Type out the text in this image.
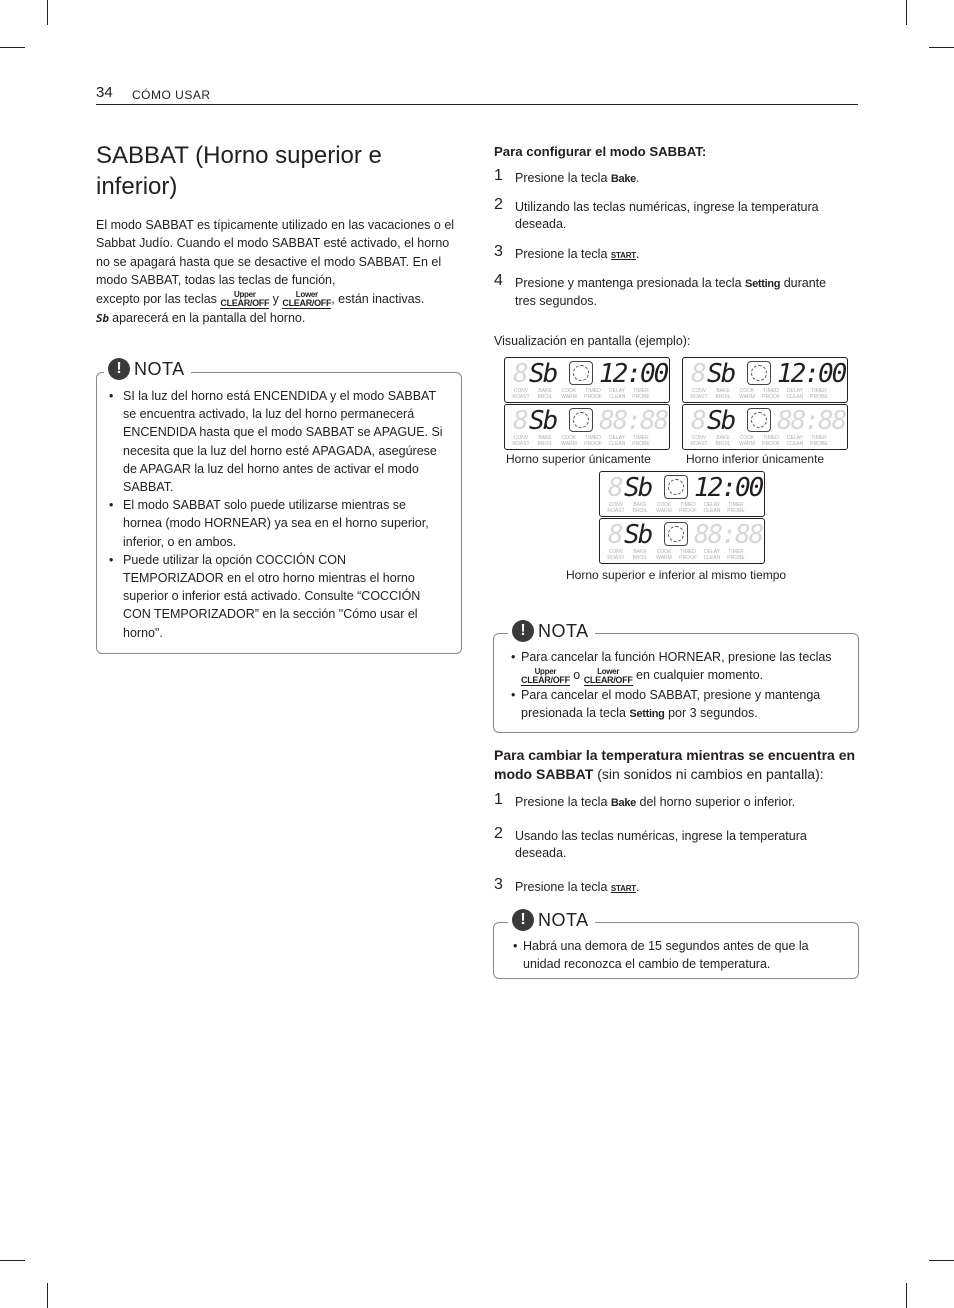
34 CÓMO USAR
SABBAT (Horno superior e inferior)
El modo SABBAT es típicamente utilizado en las vacaciones o el Sabbat Judío. Cuando el modo SABBAT esté activado, el horno no se apagará hasta que se desactive el modo SABBAT. En el modo SABBAT, todas las teclas de función,
excepto por las teclas	Upper
CLEAR/OFF y	Lower
CLEAR/OFF , están inactivas.
Sb aparecerá en la pantalla del horno.
• SI la luz del horno está ENCENDIDA y el modo SABBAT se encuentra activado, la luz del horno permanecerá ENCENDIDA hasta que el modo SABBAT se APAGUE. Si necesita que la luz del horno esté APAGADA, asegúrese de APAGAR la luz del horno antes de activar el modo SABBAT.
• El modo SABBAT solo puede utilizarse mientras se hornea (modo HORNEAR) ya sea en el horno superior, inferior, o en ambos.
• Puede utilizar la opción COCCIÓN CON TEMPORIZADOR en el otro horno mientras el horno superior o inferior está activado. Consulte “COCCIÓN CON TEMPORIZADOR” en la sección "Cómo usar el horno".
! NOTA
Para configurar el modo SABBAT:
1 Presione la tecla Bake.
2 Utilizando las teclas numéricas, ingrese la temperatura deseada.
3 Presione la tecla START.
4 Presione y mantenga presionada la tecla Setting durante tres segundos.
Visualización en pantalla (ejemplo):
8 Sb 12:00
CONV ROAST
BAKE BROIL
COOK WARM
TIMED PROOF
DELAY CLEAN
TIMER PROBE
8 Sb 88:88
CONV ROAST
BAKE BROIL
COOK WARM
TIMED PROOF
DELAY CLEAN
TIMER PROBE
8 Sb 12:00
CONV ROAST
BAKE BROIL
COOK WARM
TIMED PROOF
DELAY CLEAN
TIMER PROBE
8 Sb 88:88
CONV ROAST
BAKE BROIL
COOK WARM
TIMED PROOF
DELAY CLEAN
TIMER PROBE
8 Sb 12:00
CONV ROAST
BAKE BROIL
COOK WARM
TIMED PROOF
DELAY CLEAN
TIMER PROBE
8 Sb 88:88
CONV ROAST
BAKE BROIL
COOK WARM
TIMED PROOF
DELAY CLEAN
TIMER PROBE
Horno superior únicamente	Horno inferior únicamente
Horno superior e inferior al mismo tiempo
• Para cancelar la función HORNEAR, presione las teclas

Upper
CLEAR/OFF o	Lower
CLEAR/OFF en cualquier momento.
• Para cancelar el modo SABBAT, presione y mantenga presionada la tecla Setting por 3 segundos.
! NOTA
Para cambiar la temperatura mientras se encuentra en modo SABBAT (sin sonidos ni cambios en pantalla):
1 Presione la tecla Bake del horno superior o inferior.
2 Usando las teclas numéricas, ingrese la temperatura deseada.
3 Presione la tecla START.
• Habrá una demora de 15 segundos antes de que la unidad reconozca el cambio de temperatura.
! NOTA
